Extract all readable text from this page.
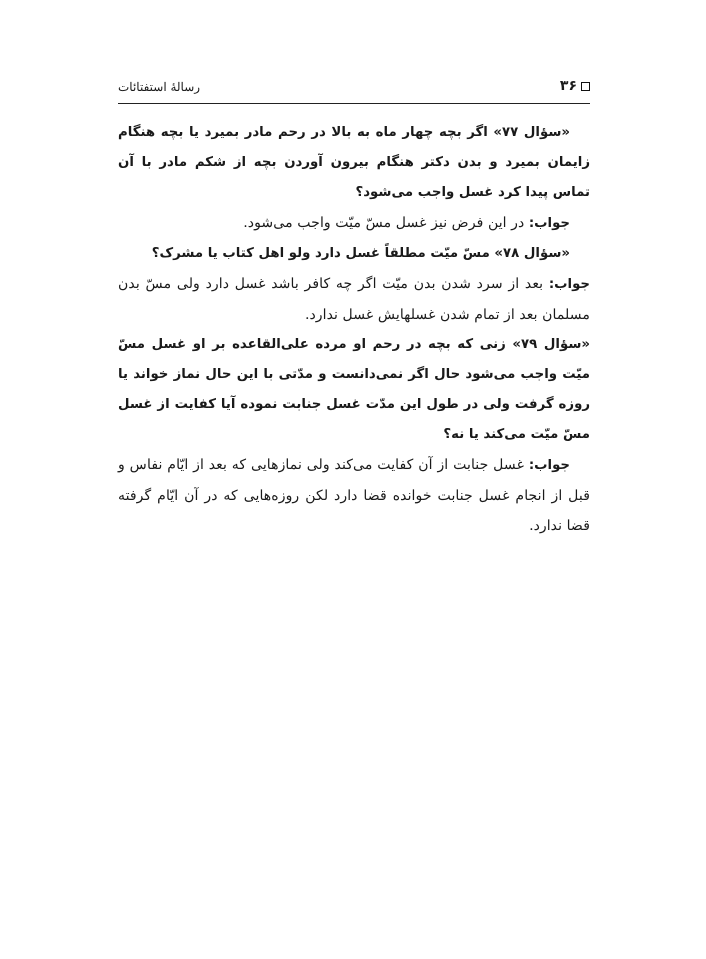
۳۶
رسالهٔ استفتائات

«سؤال ۷۷» اگر بچه چهار ماه به بالا در رحم مادر بمیرد یا بچه هنگام زایمان بمیرد و بدن دکتر هنگام بیرون آوردن بچه از شکم مادر با آن تماس پیدا کرد غسل واجب می‌شود؟

جواب: در این فرض نیز غسل مسّ میّت واجب می‌شود.

«سؤال ۷۸» مسّ میّت مطلقاً غسل دارد ولو اهل کتاب یا مشرک؟

جواب: بعد از سرد شدن بدن میّت اگر چه کافر باشد غسل دارد ولی مسّ بدن مسلمان بعد از تمام شدن غسلهایش غسل ندارد.

«سؤال ۷۹» زنی که بچه در رحم او مرده علی‌القاعده بر او غسل مسّ میّت واجب می‌شود حال اگر نمی‌دانست و مدّتی با این حال نماز خواند یا روزه گرفت ولی در طول این مدّت غسل جنابت نموده آیا کفایت از غسل مسّ میّت می‌کند یا نه؟

جواب: غسل جنابت از آن کفایت می‌کند ولی نمازهایی که بعد از ایّام نفاس و قبل از انجام غسل جنابت خوانده قضا دارد لکن روزه‌هایی که در آن ایّام گرفته قضا ندارد.
